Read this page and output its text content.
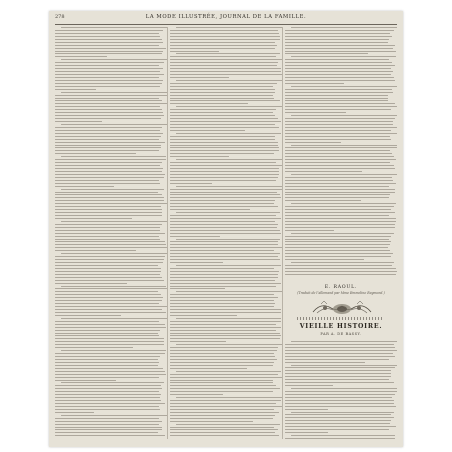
278	LA MODE ILLUSTRÉE, JOURNAL DE LA FAMILLE.
E. RAOUL.
(Traduit de l’allemand par Mme Emmeline Raymond.)
VIEILLE HISTOIRE.
PAR A. DE BASSY.
